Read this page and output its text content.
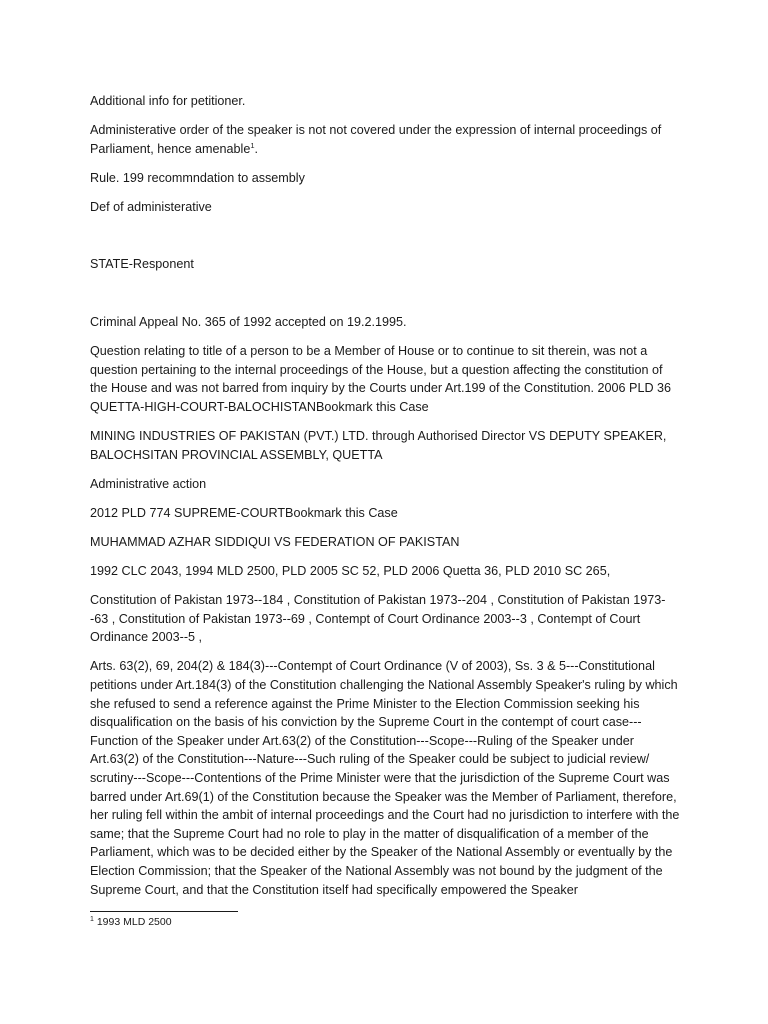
Additional info for petitioner.

Administerative order of the speaker is not not covered under the expression of internal proceedings of Parliament, hence amenable$^1$.

Rule. 199 recommndation to assembly

Def of administerative

STATE-Responent

Criminal Appeal No. 365 of 1992 accepted on 19.2.1995.

Question relating to title of a person to be a Member of House or to continue to sit therein, was not a question pertaining to the internal proceedings of the House, but a question affecting the constitution of the House and was not barred from inquiry by the Courts under Art.199 of the Constitution. 2006 PLD 36 QUETTA-HIGH-COURT-BALOCHISTANBookmark this Case

MINING INDUSTRIES OF PAKISTAN (PVT.) LTD. through Authorised Director VS DEPUTY SPEAKER, BALOCHSITAN PROVINCIAL ASSEMBLY, QUETTA

Administrative action

2012 PLD 774 SUPREME-COURTBookmark this Case

MUHAMMAD AZHAR SIDDIQUI VS FEDERATION OF PAKISTAN

1992 CLC 2043, 1994 MLD 2500, PLD 2005 SC 52, PLD 2006 Quetta 36, PLD 2010 SC 265,

Constitution of Pakistan 1973--184 , Constitution of Pakistan 1973--204 , Constitution of Pakistan 1973--63 , Constitution of Pakistan 1973--69 , Contempt of Court Ordinance 2003--3 , Contempt of Court Ordinance 2003--5 ,

Arts. 63(2), 69, 204(2) & 184(3)---Contempt of Court Ordinance (V of 2003), Ss. 3 & 5---Constitutional petitions under Art.184(3) of the Constitution challenging the National Assembly Speaker's ruling by which she refused to send a reference against the Prime Minister to the Election Commission seeking his disqualification on the basis of his conviction by the Supreme Court in the contempt of court case---Function of the Speaker under Art.63(2) of the Constitution---Scope---Ruling of the Speaker under Art.63(2) of the Constitution---Nature---Such ruling of the Speaker could be subject to judicial review/ scrutiny---Scope---Contentions of the Prime Minister were that the jurisdiction of the Supreme Court was barred under Art.69(1) of the Constitution because the Speaker was the Member of Parliament, therefore, her ruling fell within the ambit of internal proceedings and the Court had no jurisdiction to interfere with the same; that the Supreme Court had no role to play in the matter of disqualification of a member of the Parliament, which was to be decided either by the Speaker of the National Assembly or eventually by the Election Commission; that the Speaker of the National Assembly was not bound by the judgment of the Supreme Court, and that the Constitution itself had specifically empowered the Speaker

$^1$ 1993 MLD 2500
